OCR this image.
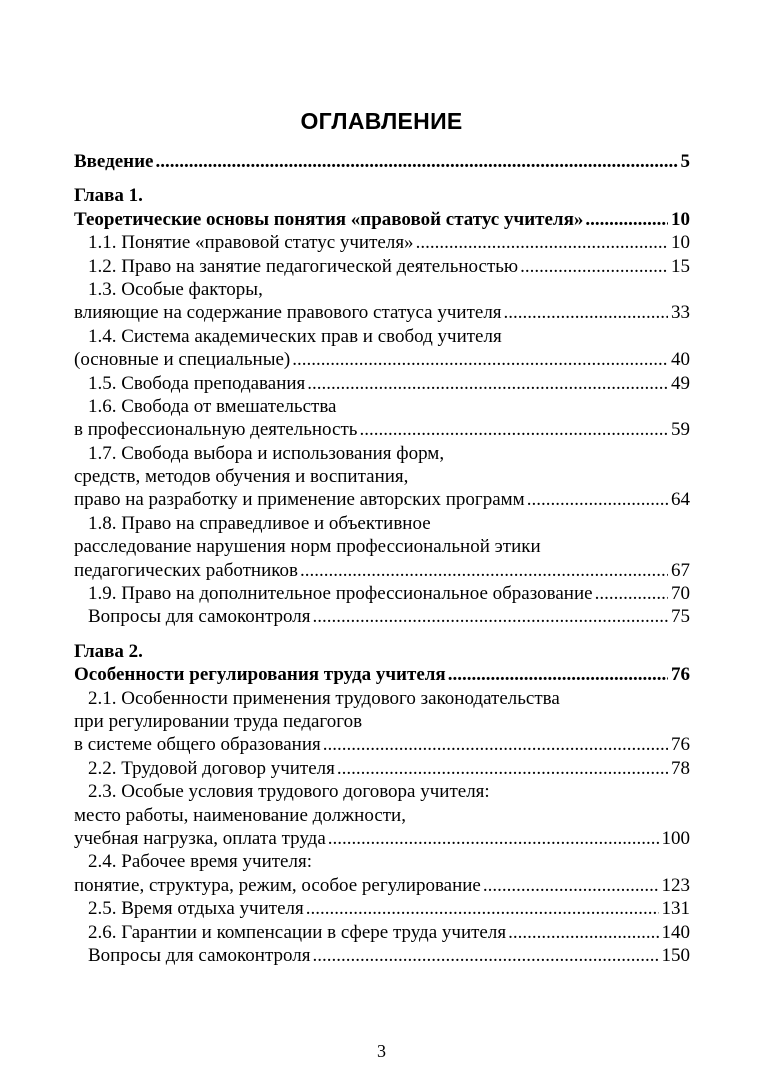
ОГЛАВЛЕНИЕ
Введение .....	5
Глава 1.
Теоретические основы понятия «правовой статус учителя» .....	10
1.1. Понятие «правовой статус учителя» .....	10
1.2. Право на занятие педагогической деятельностью .....	15
1.3. Особые факторы,
влияющие на содержание правового статуса учителя .....	33
1.4. Система академических прав и свобод учителя
(основные и специальные) .....	40
1.5. Свобода преподавания .....	49
1.6. Свобода от вмешательства
в профессиональную деятельность .....	59
1.7. Свобода выбора и использования форм,
средств, методов обучения и воспитания,
право на разработку и применение авторских программ .....	64
1.8. Право на справедливое и объективное
расследование нарушения норм профессиональной этики
педагогических работников .....	67
1.9. Право на дополнительное профессиональное образование .....	70
Вопросы для самоконтроля .....	75
Глава 2.
Особенности регулирования труда учителя .....	76
2.1. Особенности применения трудового законодательства
при регулировании труда педагогов
в системе общего образования .....	76
2.2. Трудовой договор учителя .....	78
2.3. Особые условия трудового договора учителя:
место работы, наименование должности,
учебная нагрузка, оплата труда .....	100
2.4. Рабочее время учителя:
понятие, структура, режим, особое регулирование .....	123
2.5. Время отдыха учителя .....	131
2.6. Гарантии и компенсации в сфере труда учителя .....	140
Вопросы для самоконтроля .....	150
3
